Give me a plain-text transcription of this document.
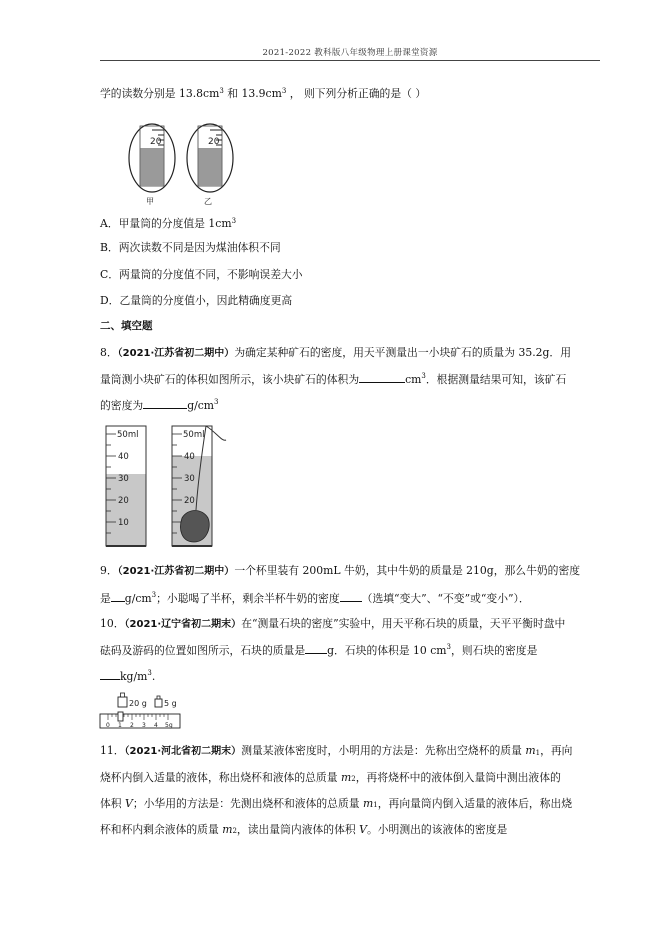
2021-2022 教科版八年级物理上册课堂资源
学的读数分别是 $13.8cm^3$ 和 $13.9cm^3$ ， 则下列分析正确的是（ ）
20
甲
20
乙
A．甲量筒的分度值是 $1cm^3$
B．两次读数不同是因为煤油体积不同
C．两量筒的分度值不同，不影响误差大小
D．乙量筒的分度值小，因此精确度更高
二、填空题
8．（2021·江苏省初二期中）为确定某种矿石的密度，用天平测量出一小块矿石的质量为 35.2g．用
量筒测小块矿石的体积如图所示，该小块矿石的体积为	$cm^3$．根据测量结果可知，该矿石
的密度为	$g/cm^3$
50ml
40
30
20
10
50ml
40
30
20
9．（2021·江苏省初二期中）一个杯里装有 200mL 牛奶，其中牛奶的质量是 210g，那么牛奶的密度
是 $g/cm^3$；小聪喝了半杯，剩余半杯牛奶的密度 （选填“变大”、“不变”或“变小”）．
10．（2021·辽宁省初二期末）在“测量石块的密度”实验中，用天平称石块的质量，天平平衡时盘中
砝码及游码的位置如图所示，石块的质量是 g．石块的体积是 10 $cm^3$，则石块的密度是
$kg/m^3$.
20 g 5 g
0 1 2 3 4 5g
11．（2021·河北省初二期末）测量某液体密度时，小明用的方法是：先称出空烧杯的质量 m1，再向
烧杯内倒入适量的液体，称出烧杯和液体的总质量 m2，再将烧杯中的液体倒入量筒中测出液体的
体积 V；小华用的方法是：先测出烧杯和液体的总质量 m1，再向量筒内倒入适量的液体后，称出烧
杯和杯内剩余液体的质量 m2，读出量筒内液体的体积 V。小明测出的该液体的密度是
